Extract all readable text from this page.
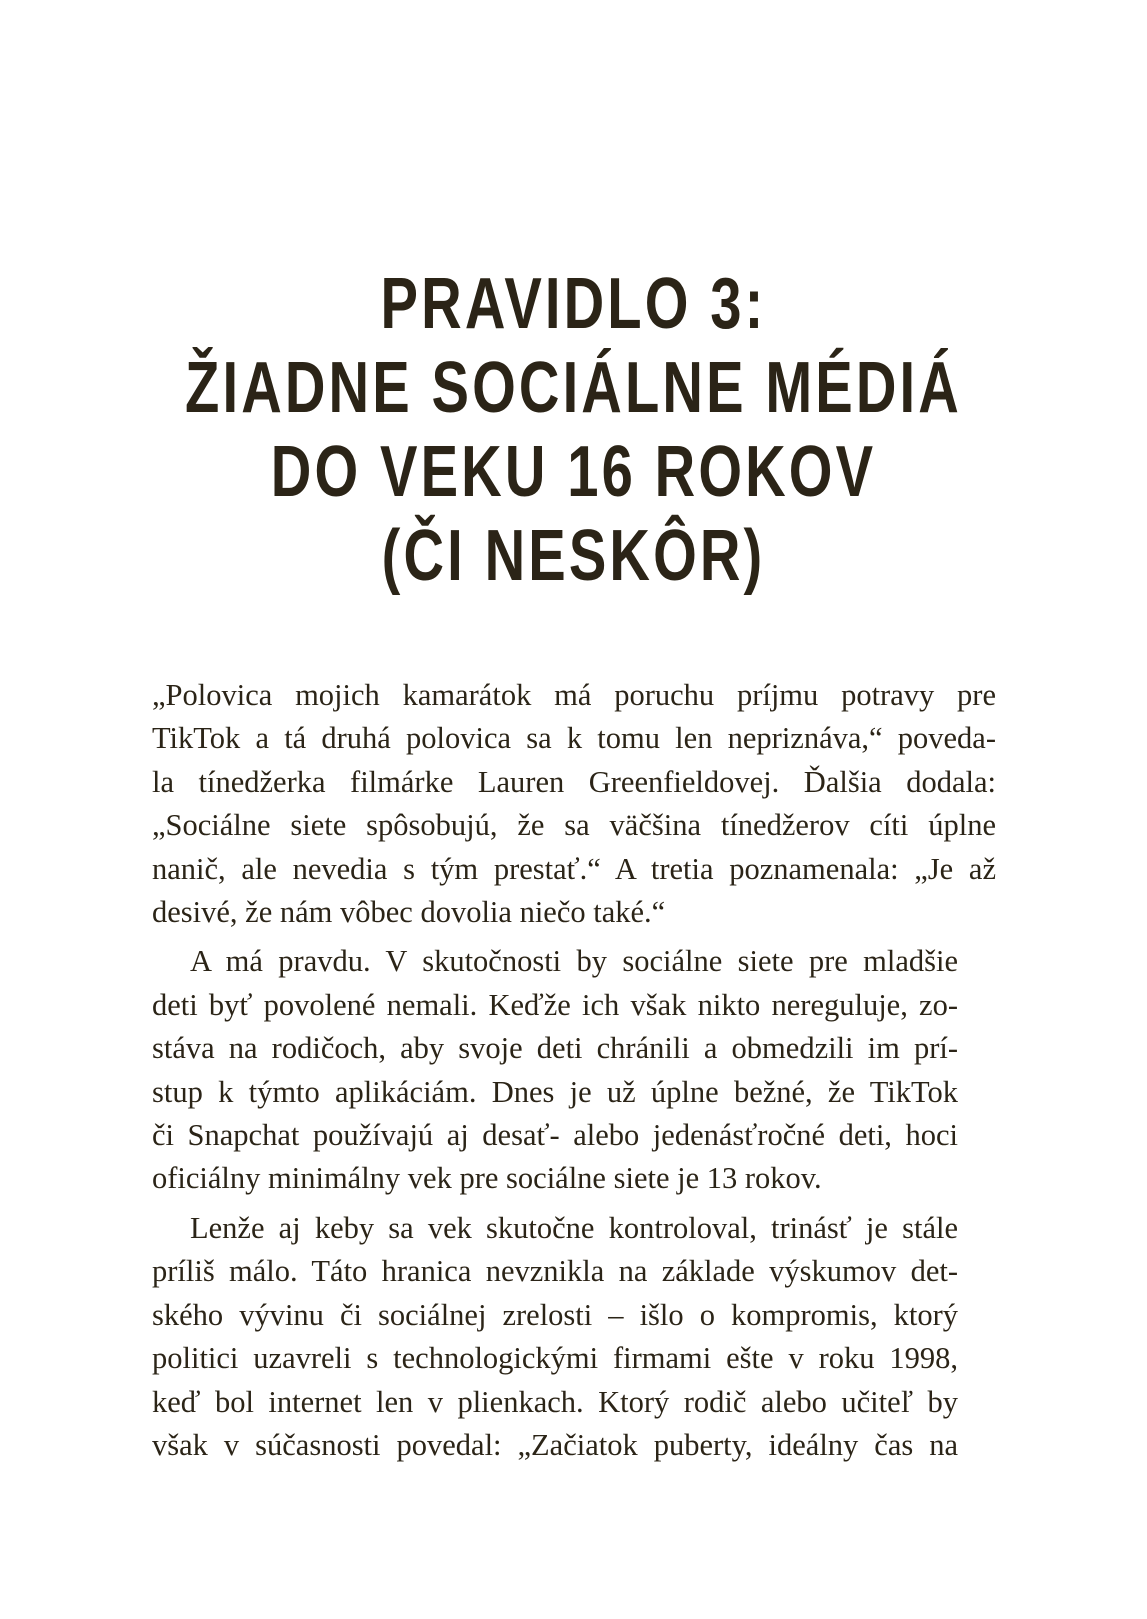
PRAVIDLO 3:
ŽIADNE SOCIÁLNE MÉDIÁ
DO VEKU 16 ROKOV
(ČI NESKÔR)

„Polovica mojich kamarátok má poruchu príjmu potravy pre
TikTok a tá druhá polovica sa k tomu len nepriznáva,“ poveda-
la tínedžerka filmárke Lauren Greenfieldovej. Ďalšia dodala:
„Sociálne siete spôsobujú, že sa väčšina tínedžerov cíti úplne
nanič, ale nevedia s tým prestať.“ A tretia poznamenala: „Je až
desivé, že nám vôbec dovolia niečo také.“

A má pravdu. V skutočnosti by sociálne siete pre mladšie
deti byť povolené nemali. Keďže ich však nikto nereguluje, zo-
stáva na rodičoch, aby svoje deti chránili a obmedzili im prí-
stup k týmto aplikáciám. Dnes je už úplne bežné, že TikTok
či Snapchat používajú aj desať- alebo jedenásťročné deti, hoci
oficiálny minimálny vek pre sociálne siete je 13 rokov.

Lenže aj keby sa vek skutočne kontroloval, trinásť je stále
príliš málo. Táto hranica nevznikla na základe výskumov det-
ského vývinu či sociálnej zrelosti – išlo o kompromis, ktorý
politici uzavreli s technologickými firmami ešte v roku 1998,
keď bol internet len v plienkach. Ktorý rodič alebo učiteľ by
však v súčasnosti povedal: „Začiatok puberty, ideálny čas na
